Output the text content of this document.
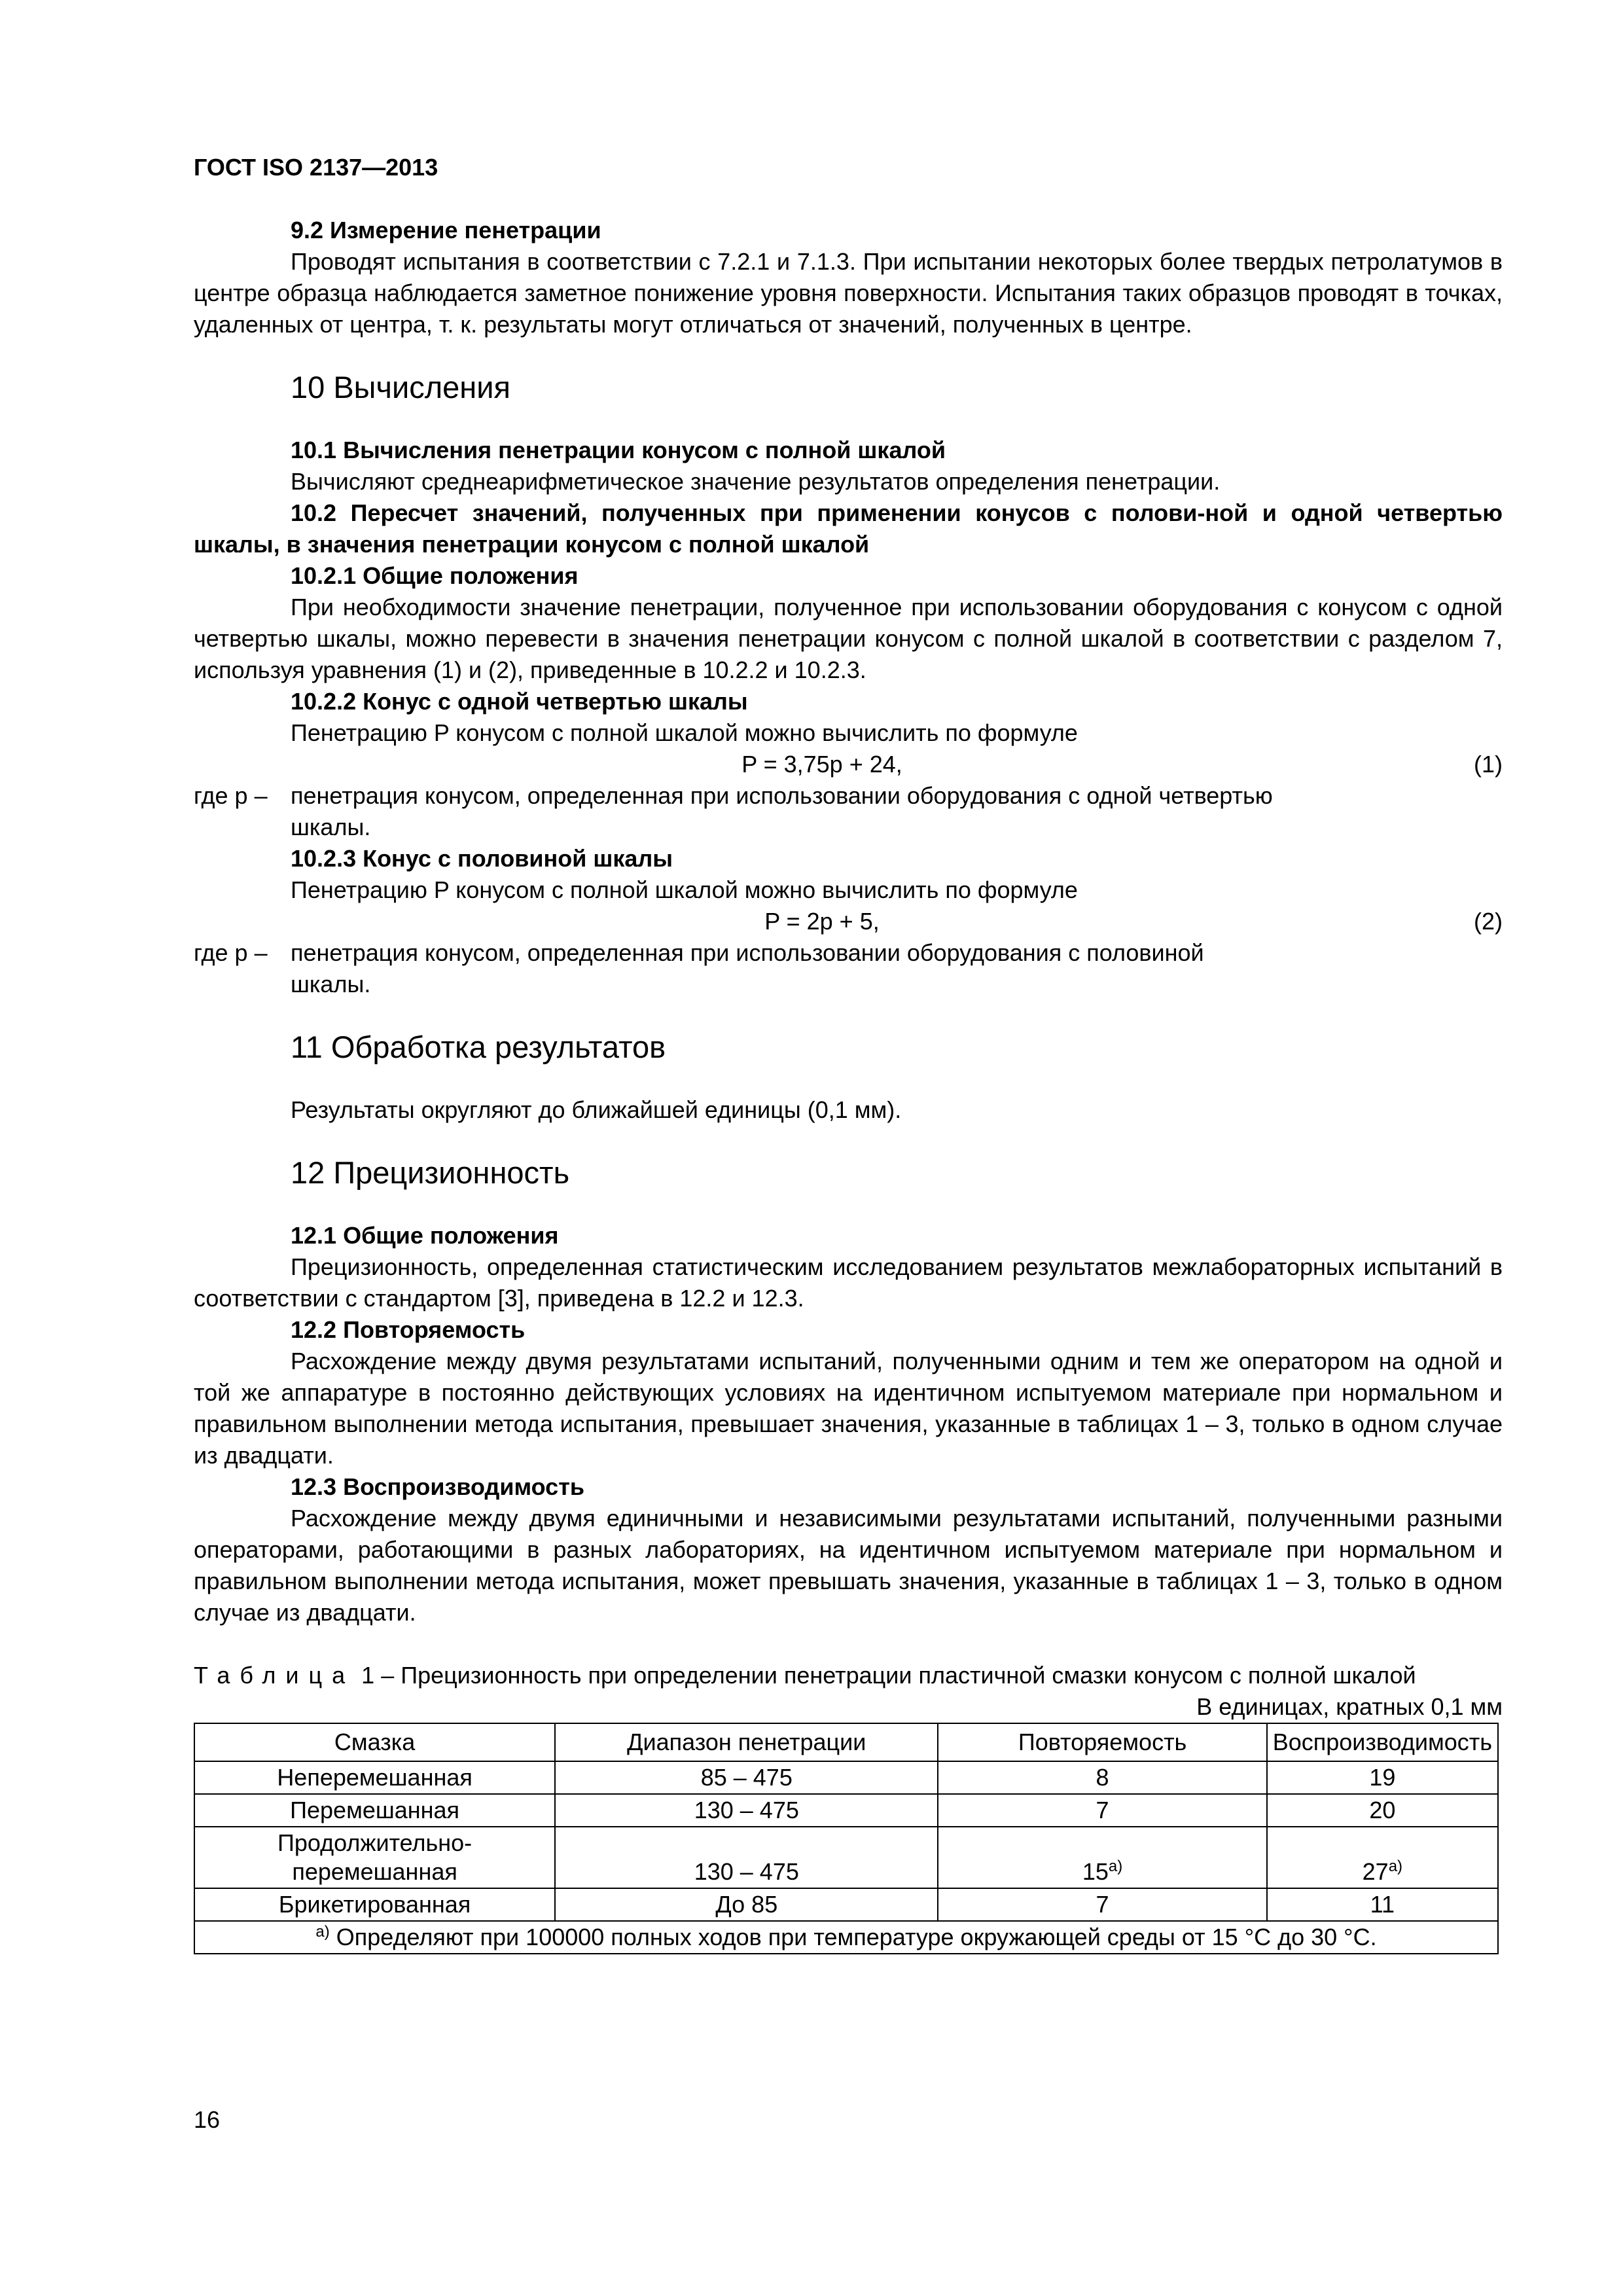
ГОСТ ISO 2137—2013

9.2 Измерение пенетрации

Проводят испытания в соответствии с 7.2.1 и 7.1.3. При испытании некоторых более твердых петролатумов в центре образца наблюдается заметное понижение уровня поверхности. Испытания таких образцов проводят в точках, удаленных от центра, т. к. результаты могут отличаться от значений, полученных в центре.

10 Вычисления

10.1 Вычисления пенетрации конусом с полной шкалой

Вычисляют среднеарифметическое значение результатов определения пенетрации.

10.2 Пересчет значений, полученных при применении конусов с полови-ной и одной четвертью шкалы, в значения пенетрации конусом с полной шкалой

10.2.1 Общие положения

При необходимости значение пенетрации, полученное при использовании оборудования с конусом с одной четвертью шкалы, можно перевести в значения пенетрации конусом с полной шкалой в соответствии с разделом 7, используя уравнения (1) и (2), приведенные в 10.2.2 и 10.2.3.

10.2.2 Конус с одной четвертью шкалы

Пенетрацию P конусом с полной шкалой можно вычислить по формуле

P = 3,75p + 24,	(1)
где p – пенетрация конусом, определенная при использовании оборудования с одной четвертью шкалы.

10.2.3 Конус с половиной шкалы

Пенетрацию P конусом с полной шкалой можно вычислить по формуле

P = 2p + 5,	(2)
где p – пенетрация конусом, определенная при использовании оборудования с половиной шкалы.

11 Обработка результатов

Результаты округляют до ближайшей единицы (0,1 мм).

12 Прецизионность

12.1 Общие положения

Прецизионность, определенная статистическим исследованием результатов межлабораторных испытаний в соответствии с стандартом [3], приведена в 12.2 и 12.3.

12.2 Повторяемость

Расхождение между двумя результатами испытаний, полученными одним и тем же оператором на одной и той же аппаратуре в постоянно действующих условиях на идентичном испытуемом материале при нормальном и правильном выполнении метода испытания, превышает значения, указанные в таблицах 1 – 3, только в одном случае из двадцати.

12.3 Воспроизводимость

Расхождение между двумя единичными и независимыми результатами испытаний, полученными разными операторами, работающими в разных лабораториях, на идентичном испытуемом материале при нормальном и правильном выполнении метода испытания, может превышать значения, указанные в таблицах 1 – 3, только в одном случае из двадцати.

Таблица 1 – Прецизионность при определении пенетрации пластичной смазки конусом с полной шкалой

В единицах, кратных 0,1 мм

Смазка	Диапазон пенетрации	Повторяемость	Воспроизводимость
Неперемешанная	85 – 475	8	19
Перемешанная	130 – 475	7	20
Продолжительно-перемешанная	130 – 475	$15^{а)}$	$27^{а)}$
Брикетированная	До 85	7	11
$^{а)}$ Определяют при 100000 полных ходов при температуре окружающей среды от 15 °С до 30 °С.			
16
